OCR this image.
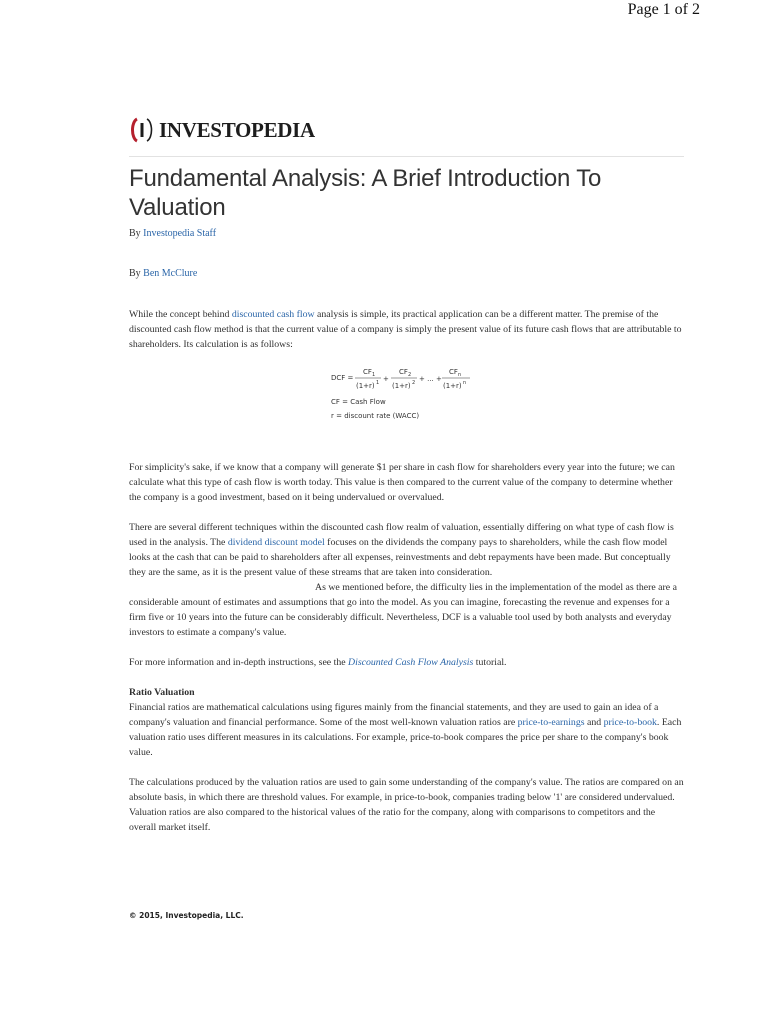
Page 1 of 2
INVESTOPEDIA
Fundamental Analysis: A Brief Introduction To Valuation

By Investopedia Staff

By Ben McClure

While the concept behind discounted cash flow analysis is simple, its practical application can be a different matter. The premise of the discounted cash flow method is that the current value of a company is simply the present value of its future cash flows that are attributable to shareholders. Its calculation is as follows:

DCF =
CF 1
(1+r) 1 +
CF 2
(1+r) 2 + ... +
CF n
(1+r) n
CF = Cash Flow
r = discount rate (WACC)

For simplicity's sake, if we know that a company will generate $1 per share in cash flow for shareholders every year into the future; we can calculate what this type of cash flow is worth today. This value is then compared to the current value of the company to determine whether the company is a good investment, based on it being undervalued or overvalued.

There are several different techniques within the discounted cash flow realm of valuation, essentially differing on what type of cash flow is used in the analysis. The dividend discount model focuses on the dividends the company pays to shareholders, while the cash flow model looks at the cash that can be paid to shareholders after all expenses, reinvestments and debt repayments have been made. But conceptually they are the same, as it is the present value of these streams that are taken into consideration.
As we mentioned before, the difficulty lies in the implementation of the model as there are a considerable amount of estimates and assumptions that go into the model. As you can imagine, forecasting the revenue and expenses for a firm five or 10 years into the future can be considerably difficult. Nevertheless, DCF is a valuable tool used by both analysts and everyday investors to estimate a company's value.

For more information and in-depth instructions, see the Discounted Cash Flow Analysis tutorial.

Ratio Valuation

Financial ratios are mathematical calculations using figures mainly from the financial statements, and they are used to gain an idea of a company's valuation and financial performance. Some of the most well-known valuation ratios are price-to-earnings and price-to-book. Each valuation ratio uses different measures in its calculations. For example, price-to-book compares the price per share to the company's book value.

The calculations produced by the valuation ratios are used to gain some understanding of the company's value. The ratios are compared on an absolute basis, in which there are threshold values. For example, in price-to-book, companies trading below '1' are considered undervalued. Valuation ratios are also compared to the historical values of the ratio for the company, along with comparisons to competitors and the overall market itself.

© 2015, Investopedia, LLC.
